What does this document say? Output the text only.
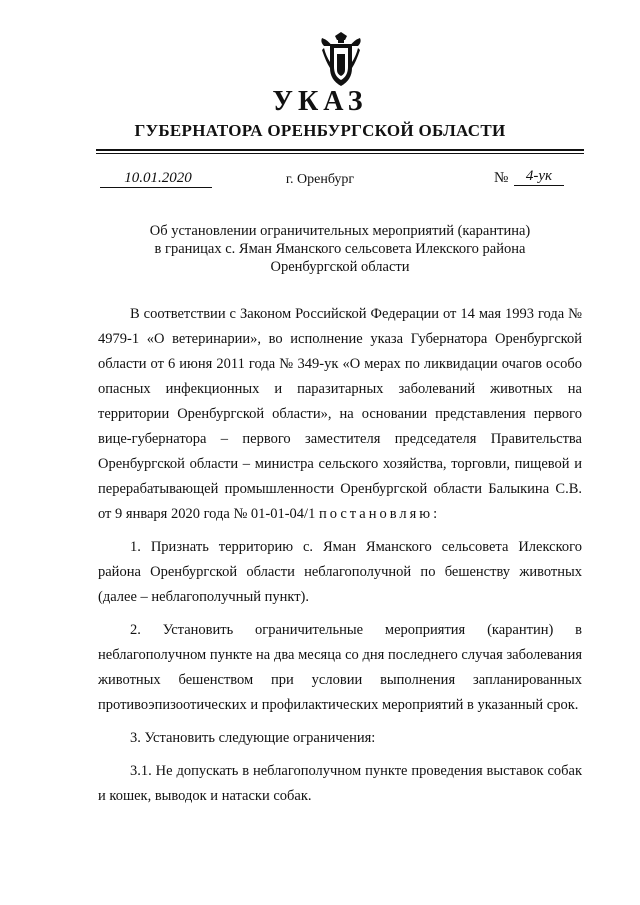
УКАЗ
ГУБЕРНАТОРА ОРЕНБУРГСКОЙ ОБЛАСТИ
10.01.2020	г. Оренбург	№	4-ук
Об установлении ограничительных мероприятий (карантина)
в границах с. Яман Яманского сельсовета Илекского района
Оренбургской области

В соответствии с Законом Российской Федерации от 14 мая 1993 года № 4979-1 «О ветеринарии», во исполнение указа Губернатора Оренбургской области от 6 июня 2011 года № 349-ук «О мерах по ликвидации очагов особо опасных инфекционных и паразитарных заболеваний животных на территории Оренбургской области», на основании представления первого вице-губернатора – первого заместителя председателя Правительства Оренбургской области – министра сельского хозяйства, торговли, пищевой и перерабатывающей промышленности Оренбургской области Балыкина С.В. от 9 января 2020 года № 01-01-04/1 постановляю:

1. Признать территорию с. Яман Яманского сельсовета Илекского района Оренбургской области неблагополучной по бешенству животных (далее – неблагополучный пункт).

2. Установить ограничительные мероприятия (карантин) в неблагополучном пункте на два месяца со дня последнего случая заболевания животных бешенством при условии выполнения запланированных противоэпизоотических и профилактических мероприятий в указанный срок.

3. Установить следующие ограничения:

3.1. Не допускать в неблагополучном пункте проведения выставок собак и кошек, выводок и натаски собак.
